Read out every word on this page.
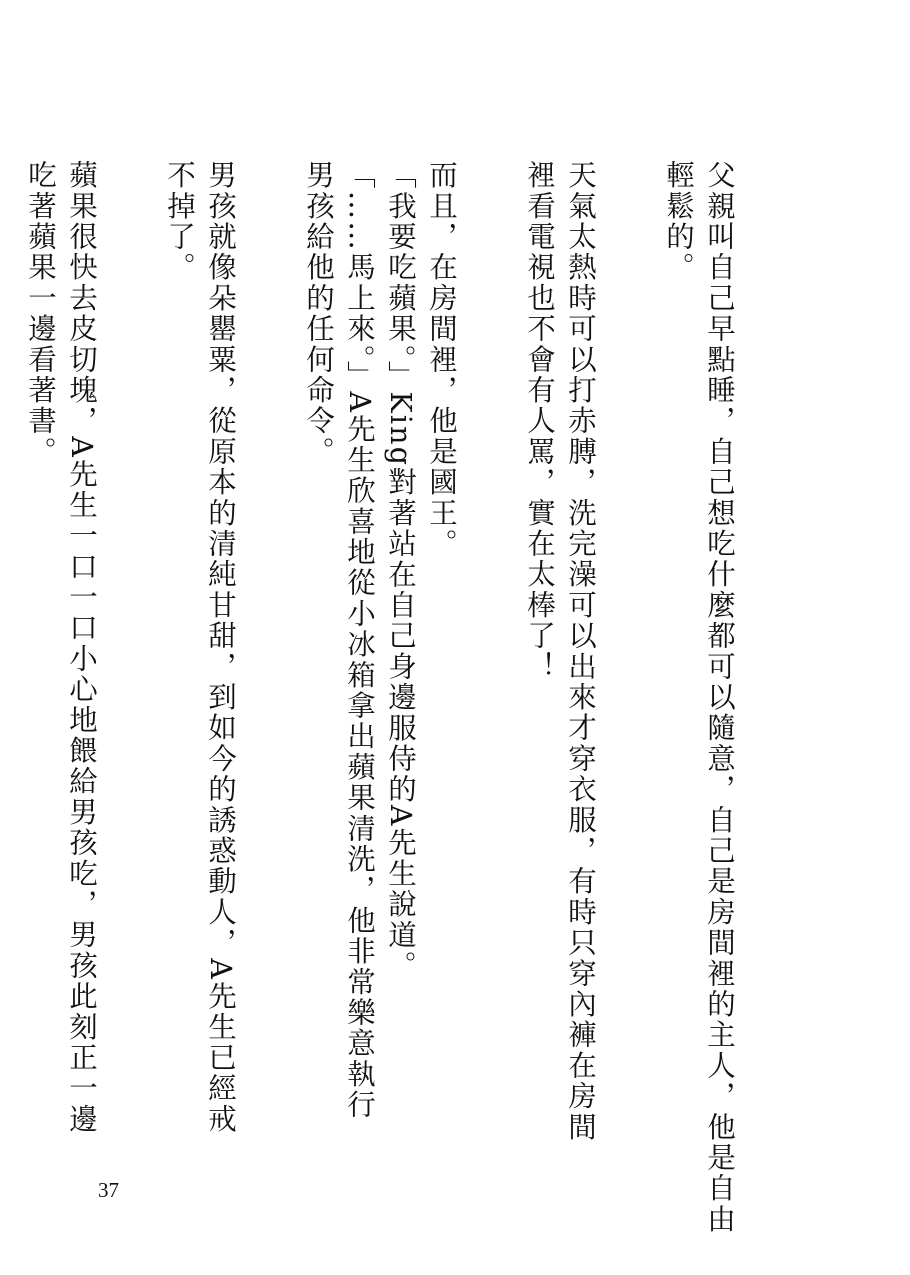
父親叫自己早點睡，自己想吃什麼都可以隨意，自己是房間裡的主人，他是自由

輕鬆的。

天氣太熱時可以打赤膊，洗完澡可以出來才穿衣服，有時只穿內褲在房間

裡看電視也不會有人罵，實在太棒了！

而且，在房間裡，他是國王。

「我要吃蘋果。」King對著站在自己身邊服侍的A先生說道。

「……馬上來。」A先生欣喜地從小冰箱拿出蘋果清洗，他非常樂意執行

男孩給他的任何命令。

男孩就像朵罌粟，從原本的清純甘甜，到如今的誘惑動人，A先生已經戒

不掉了。

蘋果很快去皮切塊，A先生一口一口小心地餵給男孩吃，男孩此刻正一邊

吃著蘋果一邊看著書。

37
